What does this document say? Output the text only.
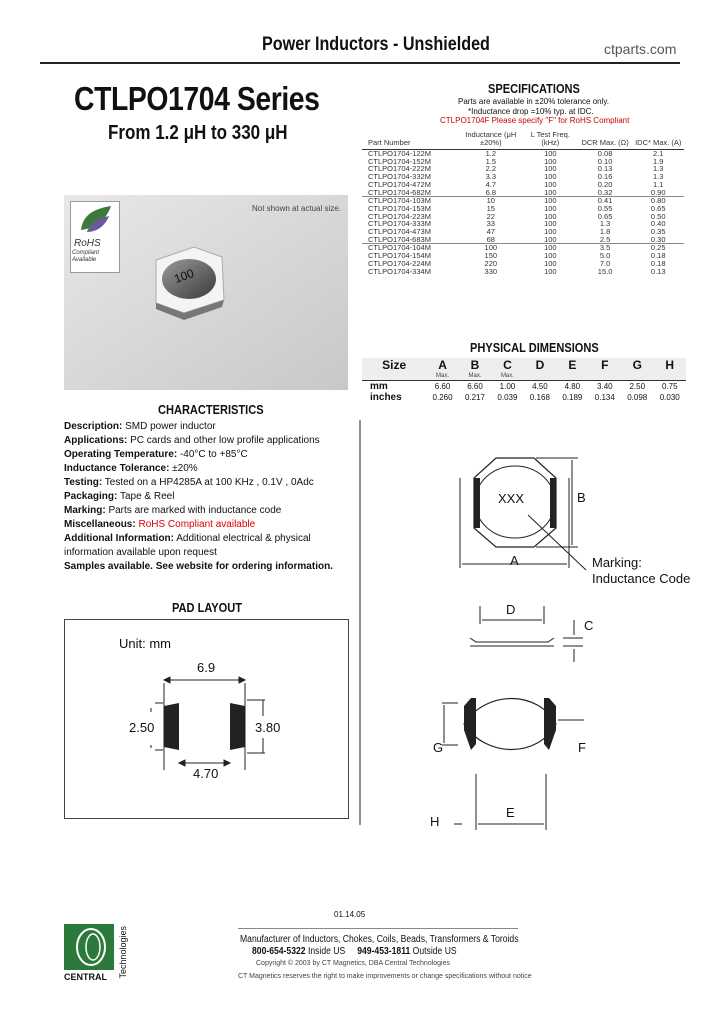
Power Inductors - Unshielded	ctparts.com
CTLPO1704 Series
From 1.2 μH to 330 μH
100
RoHS
Compliant
Available
Not shown at actual size.
SPECIFICATIONS
Parts are available in ±20% tolerance only.
*Inductance drop =10% typ. at IDC.
CTLPO1704F Please specify "F" for RoHS Compliant
Part Number	Inductance (μH ±20%)	L Test Freq. (kHz)	DCR Max. (Ω)	IDC* Max. (A)
CTLPO1704-122M	1.2	100	0.08	2.1
CTLPO1704-152M	1.5	100	0.10	1.9
CTLPO1704-222M	2.2	100	0.13	1.3
CTLPO1704-332M	3.3	100	0.16	1.3
CTLPO1704-472M	4.7	100	0.20	1.1
CTLPO1704-682M	6.8	100	0.32	0.90
CTLPO1704-103M	10	100	0.41	0.80
CTLPO1704-153M	15	100	0.55	0.65
CTLPO1704-223M	22	100	0.65	0.50
CTLPO1704-333M	33	100	1.3	0.40
CTLPO1704-473M	47	100	1.8	0.35
CTLPO1704-683M	68	100	2.5	0.30
CTLPO1704-104M	100	100	3.5	0.25
CTLPO1704-154M	150	100	5.0	0.18
CTLPO1704-224M	220	100	7.0	0.18
CTLPO1704-334M	330	100	15.0	0.13
PHYSICAL DIMENSIONS
Size	A	B	C	D	E	F	G	H
	Max.	Max.	Max.					
mm	6.60	6.60	1.00	4.50	4.80	3.40	2.50	0.75
inches	0.260	0.217	0.039	0.168	0.189	0.134	0.098	0.030
CHARACTERISTICS
Description: SMD power inductor
Applications: PC cards and other low profile applications
Operating Temperature: -40°C to +85°C
Inductance Tolerance: ±20%
Testing: Tested on a HP4285A at 100 KHz , 0.1V , 0Adc
Packaging: Tape & Reel
Marking: Parts are marked with inductance code
Miscellaneous: RoHS Compliant available
Additional Information: Additional electrical & physical
information available upon request
Samples available. See website for ordering information.
PAD LAYOUT
Unit: mm
6.9
2.50	3.80
4.70
XXX
A
B
Marking:
Inductance Code
D
C
G	F
H
E
01.14.05
CENTRAL Technologies	Manufacturer of Inductors, Chokes, Coils, Beads, Transformers & Toroids
800-654-5322 Inside US 949-453-1811 Outside US
Copyright © 2003 by CT Magnetics, DBA Central Technologies
CT Magnetics reserves the right to make improvements or change specifications without notice
